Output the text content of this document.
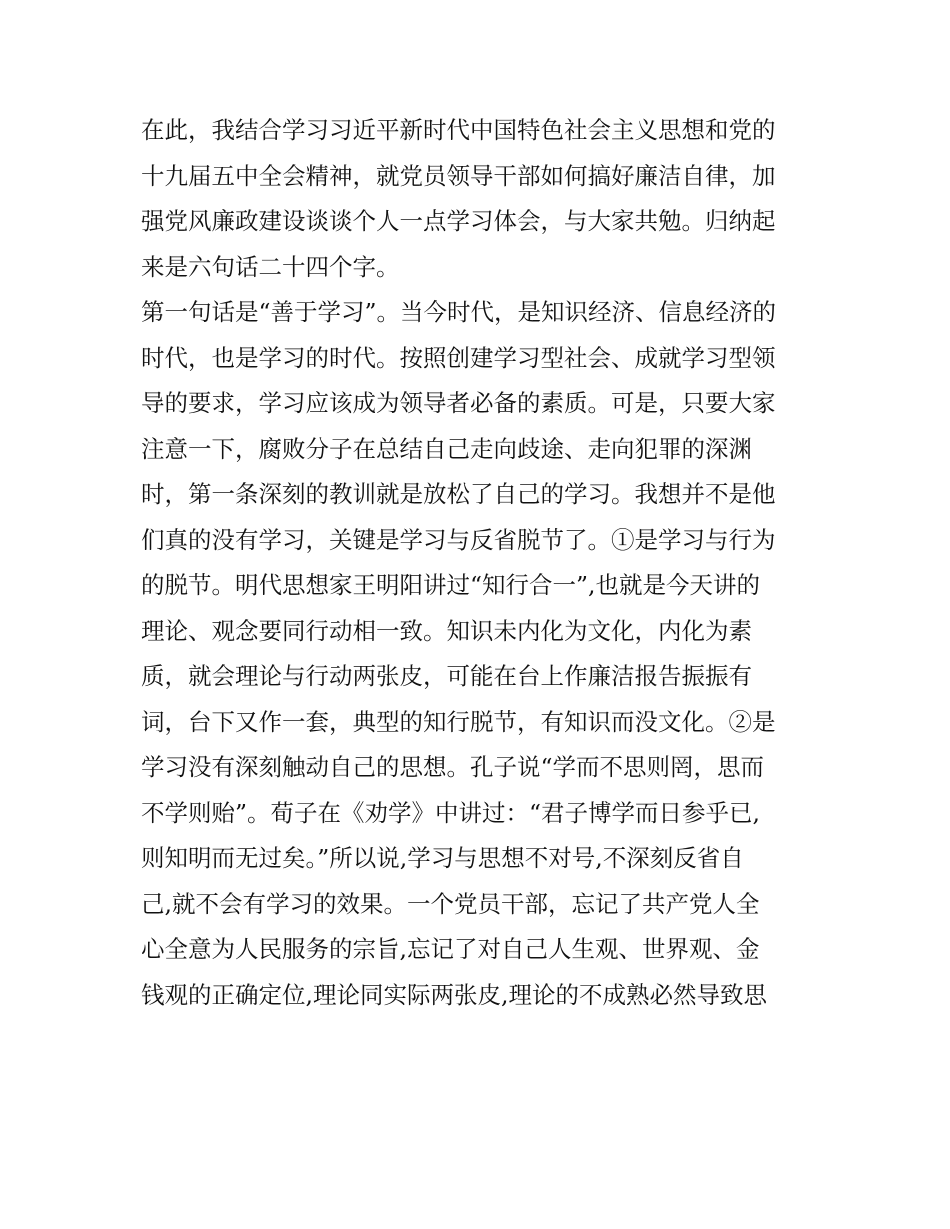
在此，我结合学习习近平新时代中国特色社会主义思想和党的
十九届五中全会精神，就党员领导干部如何搞好廉洁自律，加
强党风廉政建设谈谈个人一点学习体会，与大家共勉。归纳起
来是六句话二十四个字。
第一句话是“善于学习”。当今时代，是知识经济、信息经济的
时代，也是学习的时代。按照创建学习型社会、成就学习型领
导的要求，学习应该成为领导者必备的素质。可是，只要大家
注意一下，腐败分子在总结自己走向歧途、走向犯罪的深渊
时，第一条深刻的教训就是放松了自己的学习。我想并不是他
们真的没有学习，关键是学习与反省脱节了。①是学习与行为
的脱节。明代思想家王明阳讲过“知行合一”,也就是今天讲的
理论、观念要同行动相一致。知识未内化为文化，内化为素
质，就会理论与行动两张皮，可能在台上作廉洁报告振振有
词，台下又作一套，典型的知行脱节，有知识而没文化。②是
学习没有深刻触动自己的思想。孔子说“学而不思则罔，思而
不学则贻”。荀子在《劝学》中讲过：“君子博学而日参乎已,
则知明而无过矣。”所以说,学习与思想不对号,不深刻反省自
己,就不会有学习的效果。一个党员干部，忘记了共产党人全
心全意为人民服务的宗旨,忘记了对自己人生观、世界观、金
钱观的正确定位,理论同实际两张皮,理论的不成熟必然导致思
